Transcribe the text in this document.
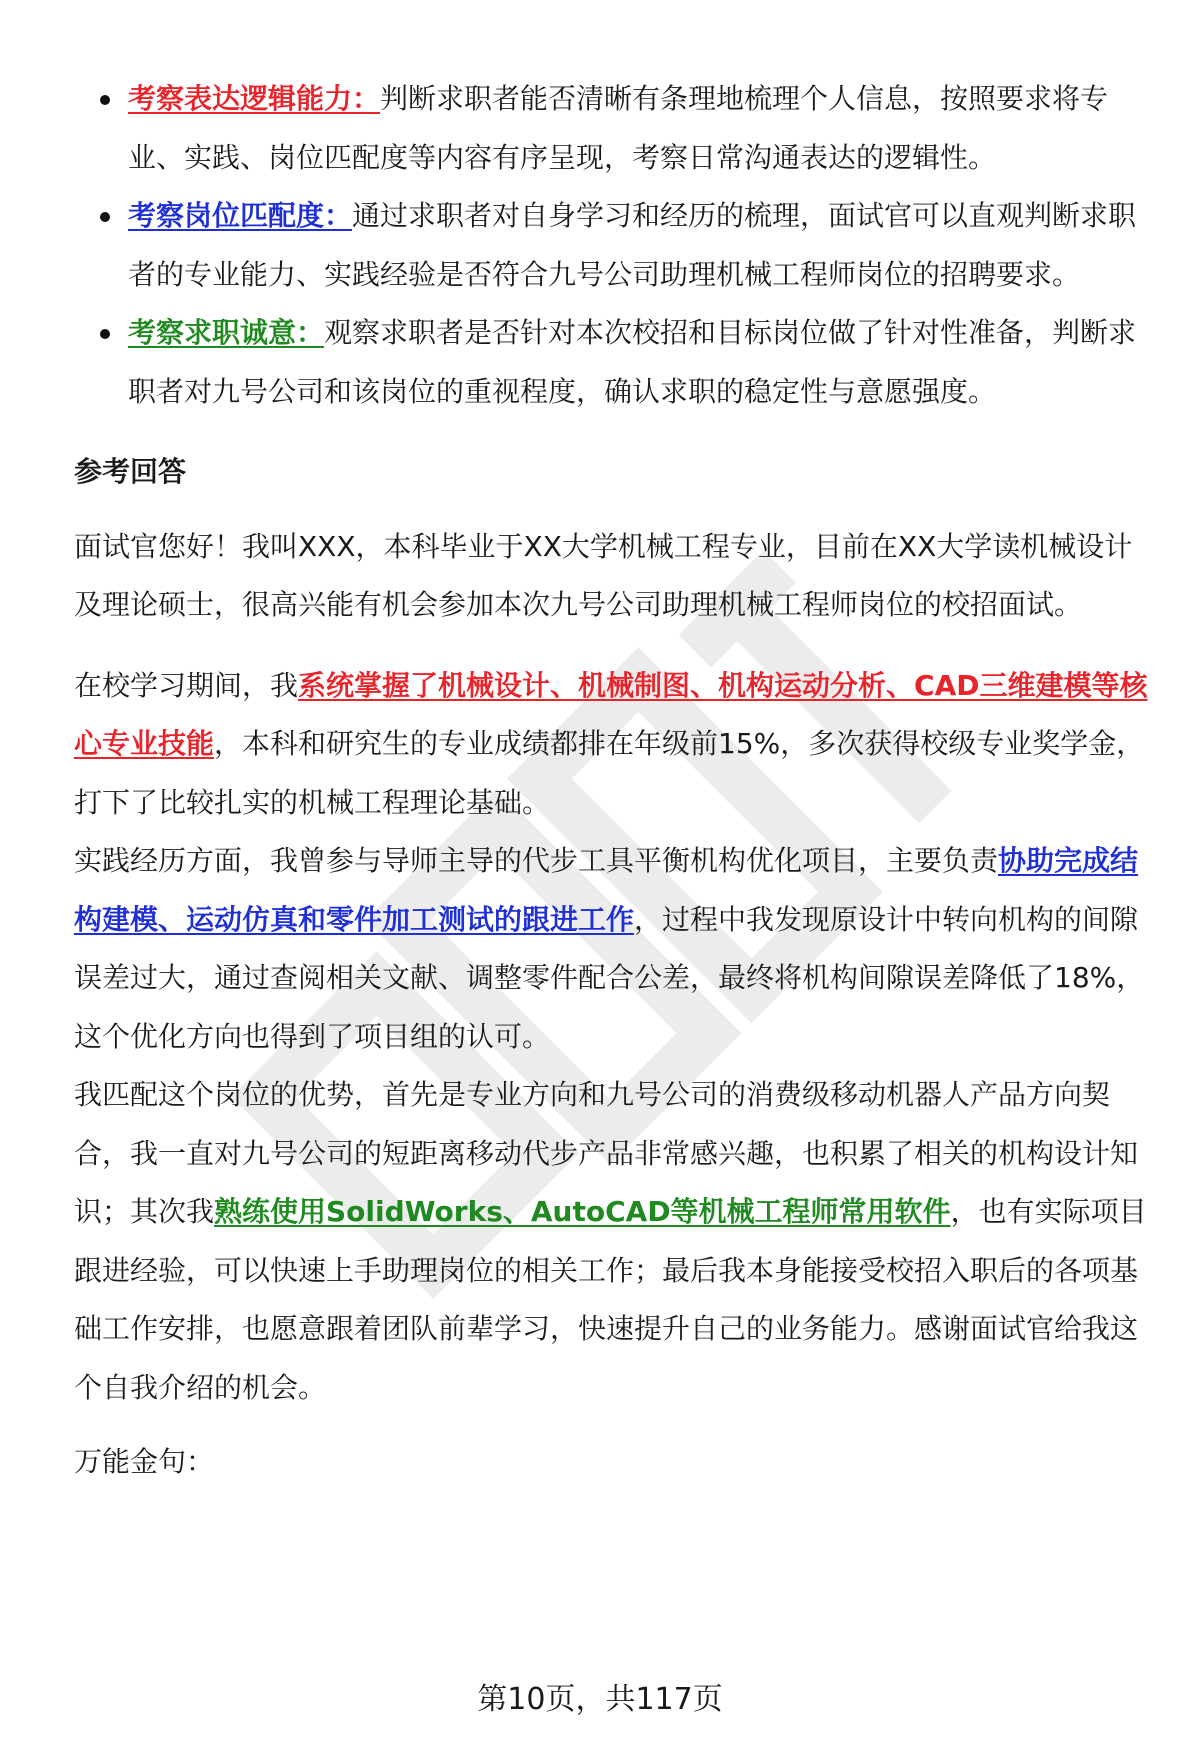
考察表达逻辑能力：判断求职者能否清晰有条理地梳理个人信息，按照要求将专业、实践、岗位匹配度等内容有序呈现，考察日常沟通表达的逻辑性。
考察岗位匹配度：通过求职者对自身学习和经历的梳理，面试官可以直观判断求职者的专业能力、实践经验是否符合九号公司助理机械工程师岗位的招聘要求。
考察求职诚意：观察求职者是否针对本次校招和目标岗位做了针对性准备，判断求职者对九号公司和该岗位的重视程度，确认求职的稳定性与意愿强度。
参考回答

面试官您好！我叫XXX，本科毕业于XX大学机械工程专业，目前在XX大学读机械设计及理论硕士，很高兴能有机会参加本次九号公司助理机械工程师岗位的校招面试。

在校学习期间，我系统掌握了机械设计、机械制图、机构运动分析、CAD三维建模等核心专业技能，本科和研究生的专业成绩都排在年级前15%，多次获得校级专业奖学金，打下了比较扎实的机械工程理论基础。

实践经历方面，我曾参与导师主导的代步工具平衡机构优化项目，主要负责协助完成结构建模、运动仿真和零件加工测试的跟进工作，过程中我发现原设计中转向机构的间隙误差过大，通过查阅相关文献、调整零件配合公差，最终将机构间隙误差降低了18%，这个优化方向也得到了项目组的认可。

我匹配这个岗位的优势，首先是专业方向和九号公司的消费级移动机器人产品方向契合，我一直对九号公司的短距离移动代步产品非常感兴趣，也积累了相关的机构设计知识；其次我熟练使用SolidWorks、AutoCAD等机械工程师常用软件，也有实际项目跟进经验，可以快速上手助理岗位的相关工作；最后我本身能接受校招入职后的各项基础工作安排，也愿意跟着团队前辈学习，快速提升自己的业务能力。感谢面试官给我这个自我介绍的机会。

万能金句：

第10页，共117页
